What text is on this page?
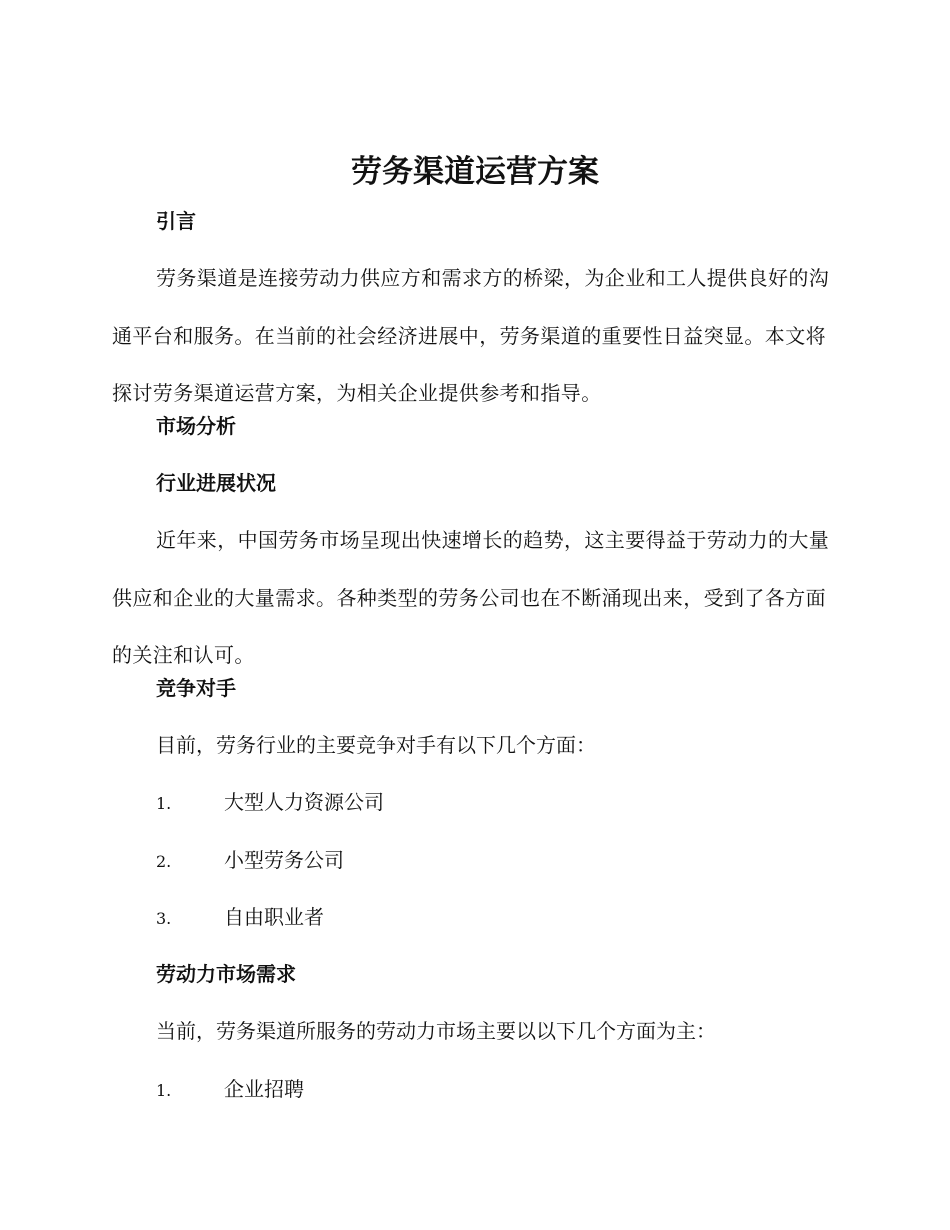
劳务渠道运营方案
引言

劳务渠道是连接劳动力供应方和需求方的桥梁，为企业和工人提供良好的沟通平台和服务。在当前的社会经济进展中，劳务渠道的重要性日益突显。本文将探讨劳务渠道运营方案，为相关企业提供参考和指导。

市场分析
行业进展状况

近年来，中国劳务市场呈现出快速增长的趋势，这主要得益于劳动力的大量供应和企业的大量需求。各种类型的劳务公司也在不断涌现出来，受到了各方面的关注和认可。

竞争对手
目前，劳务行业的主要竞争对手有以下几个方面：
1.	大型人力资源公司
2.	小型劳务公司
3.	自由职业者
劳动力市场需求
当前，劳务渠道所服务的劳动力市场主要以以下几个方面为主：
1.	企业招聘
